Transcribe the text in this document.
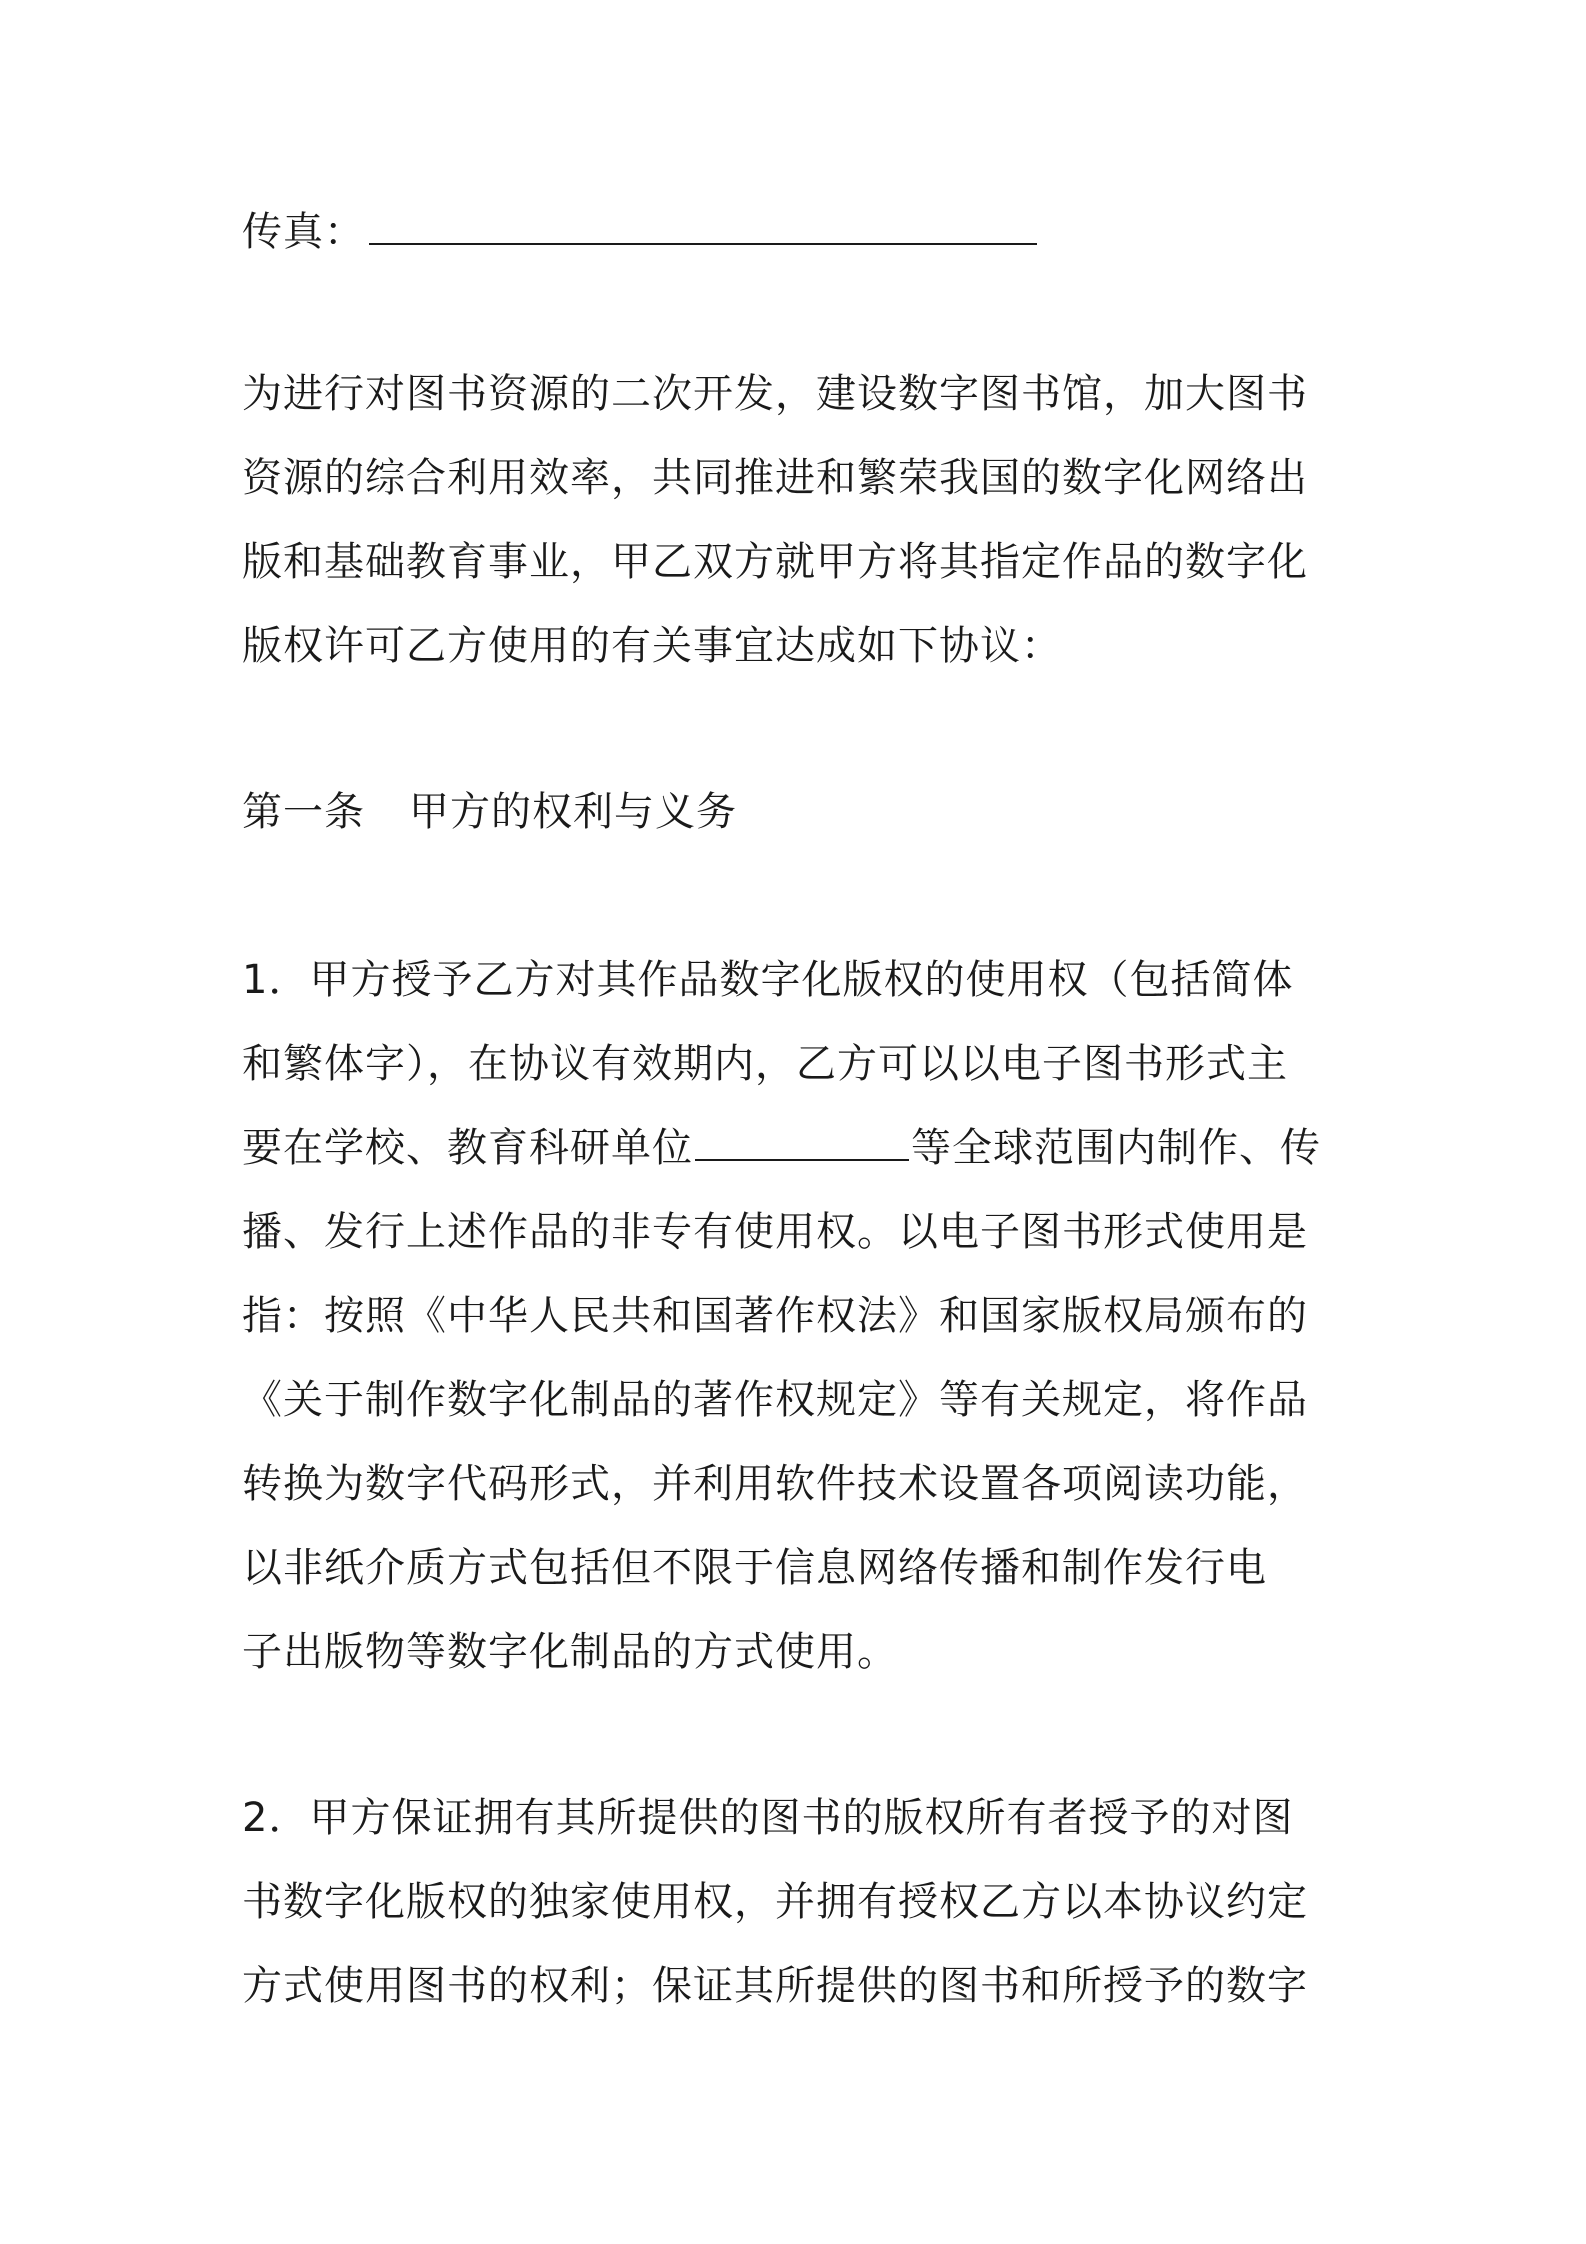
传真：
为进行对图书资源的二次开发，建设数字图书馆，加大图书
资源的综合利用效率，共同推进和繁荣我国的数字化网络出
版和基础教育事业，甲乙双方就甲方将其指定作品的数字化
版权许可乙方使用的有关事宜达成如下协议：
第一条 甲方的权利与义务
1．甲方授予乙方对其作品数字化版权的使用权（包括简体
和繁体字），在协议有效期内，乙方可以以电子图书形式主
要在学校、教育科研单位	等全球范围内制作、传
播、发行上述作品的非专有使用权。以电子图书形式使用是
指：按照《中华人民共和国著作权法》和国家版权局颁布的
《关于制作数字化制品的著作权规定》等有关规定，将作品
转换为数字代码形式，并利用软件技术设置各项阅读功能，
以非纸介质方式包括但不限于信息网络传播和制作发行电
子出版物等数字化制品的方式使用。
2．甲方保证拥有其所提供的图书的版权所有者授予的对图
书数字化版权的独家使用权，并拥有授权乙方以本协议约定
方式使用图书的权利；保证其所提供的图书和所授予的数字
